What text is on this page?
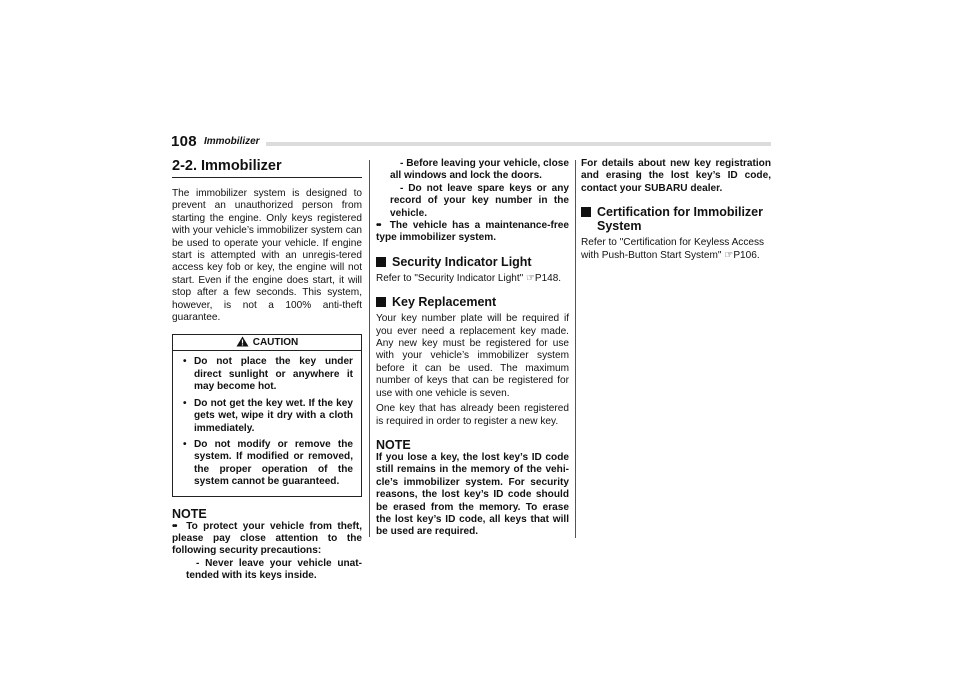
108 Immobilizer
2-2. Immobilizer

The immobilizer system is designed to prevent an unauthorized person from starting the engine. Only keys registered with your vehicle’s immobilizer system can be used to operate your vehicle. If engine start is attempted with an unregis-tered access key fob or key, the engine will not start. Even if the engine does start, it will stop after a few seconds. This system, however, is not a 100% anti-theft guarantee.

CAUTION
• Do not place the key under direct sunlight or anywhere it may become hot.
• Do not get the key wet. If the key gets wet, wipe it dry with a cloth immediately.
• Do not modify or remove the system. If modified or removed, the proper operation of the system cannot be guaranteed.
NOTE
• •  To protect your vehicle from theft, please pay close attention to the following security precautions:
- Never leave your vehicle unat-tended with its keys inside.
- Before leaving your vehicle, close all windows and lock the doors.
- Do not leave spare keys or any record of your key number in the vehicle.
• •  The vehicle has a maintenance-free type immobilizer system.
Security Indicator Light

Refer to "Security Indicator Light" ☞P148.

Key Replacement

Your key number plate will be required if you ever need a replacement key made. Any new key must be registered for use with your vehicle’s immobilizer system before it can be used. The maximum number of keys that can be registered for use with one vehicle is seven.

One key that has already been registered is required in order to register a new key.

NOTE

If you lose a key, the lost key’s ID code still remains in the memory of the vehi-cle’s immobilizer system. For security reasons, the lost key’s ID code should be erased from the memory. To erase the lost key’s ID code, all keys that will be used are required.

For details about new key registration and erasing the lost key’s ID code, contact your SUBARU dealer.

Certification for Immobilizer System

Refer to "Certification for Keyless Access with Push-Button Start System" ☞P106.
